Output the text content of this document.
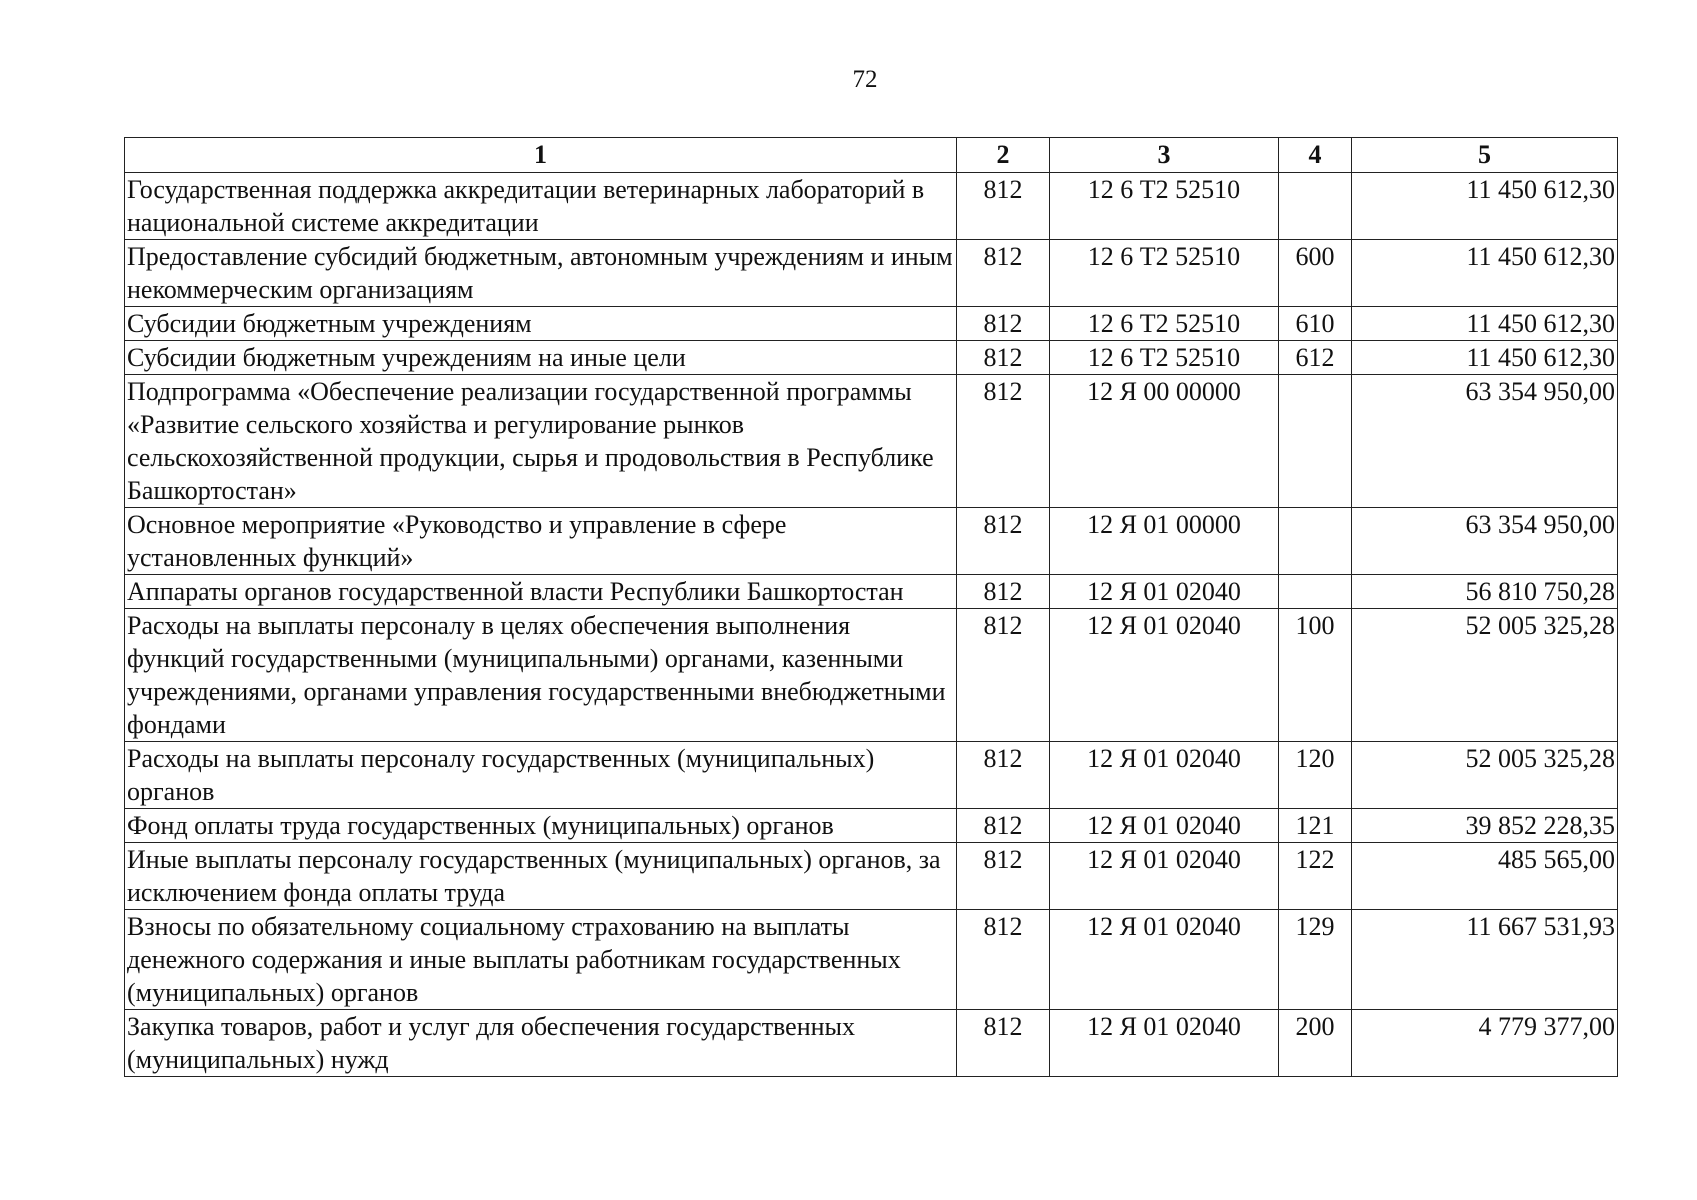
72
1	2	3	4	5
Государственная поддержка аккредитации ветеринарных лабораторий в национальной системе аккредитации	812	12 6 Т2 52510		11 450 612,30
Предоставление субсидий бюджетным, автономным учреждениям и иным некоммерческим организациям	812	12 6 Т2 52510	600	11 450 612,30
Субсидии бюджетным учреждениям	812	12 6 Т2 52510	610	11 450 612,30
Субсидии бюджетным учреждениям на иные цели	812	12 6 Т2 52510	612	11 450 612,30
Подпрограмма «Обеспечение реализации государственной программы «Развитие сельского хозяйства и регулирование рынков сельскохозяйственной продукции, сырья и продовольствия в Республике Башкортостан»	812	12 Я 00 00000		63 354 950,00
Основное мероприятие «Руководство и управление в сфере установленных функций»	812	12 Я 01 00000		63 354 950,00
Аппараты органов государственной власти Республики Башкортостан	812	12 Я 01 02040		56 810 750,28
Расходы на выплаты персоналу в целях обеспечения выполнения функций государственными (муниципальными) органами, казенными учреждениями, органами управления государственными внебюджетными фондами	812	12 Я 01 02040	100	52 005 325,28
Расходы на выплаты персоналу государственных (муниципальных) органов	812	12 Я 01 02040	120	52 005 325,28
Фонд оплаты труда государственных (муниципальных) органов	812	12 Я 01 02040	121	39 852 228,35
Иные выплаты персоналу государственных (муниципальных) органов, за исключением фонда оплаты труда	812	12 Я 01 02040	122	485 565,00
Взносы по обязательному социальному страхованию на выплаты денежного содержания и иные выплаты работникам государственных (муниципальных) органов	812	12 Я 01 02040	129	11 667 531,93
Закупка товаров, работ и услуг для обеспечения государственных (муниципальных) нужд	812	12 Я 01 02040	200	4 779 377,00
